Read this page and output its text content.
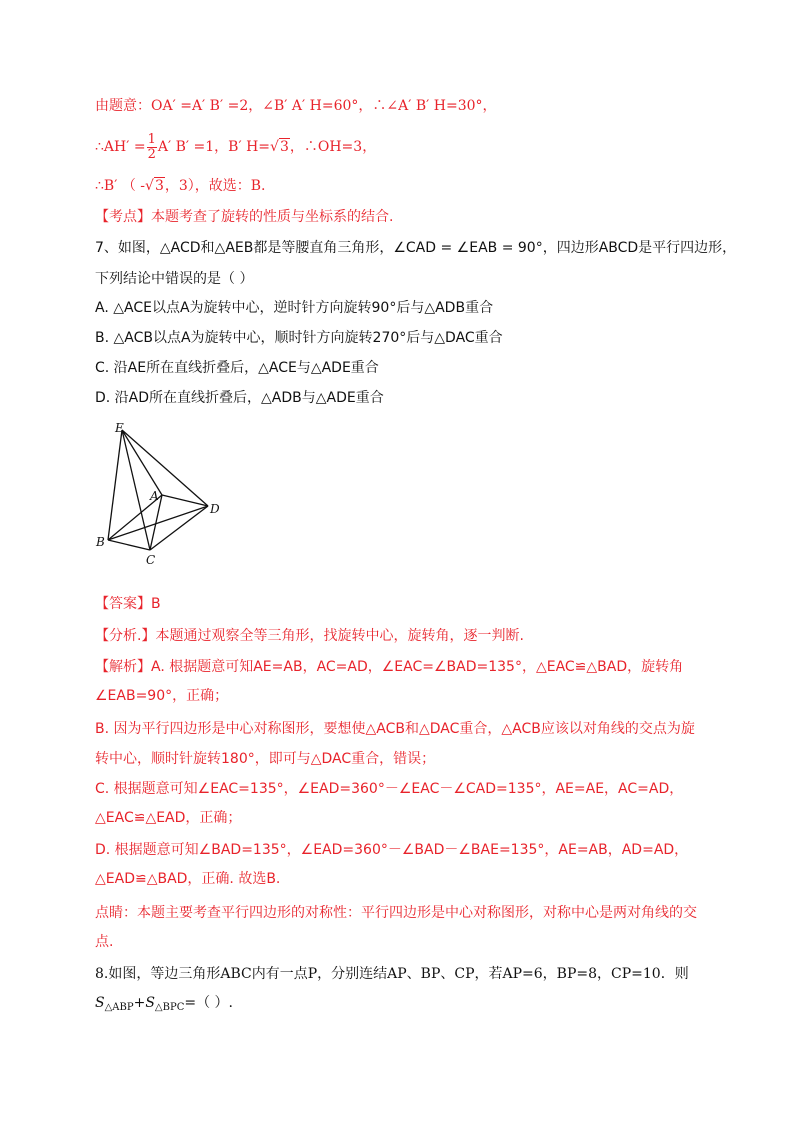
由题意：OA′ =A′ B′ =2，∠B′ A′ H=60°，∴∠A′ B′ H=30°，
∴AH′ = $\frac{1}{2} A'$ B′ =1，B′ H=√3，∴OH=3，
∴B′ （ -√3，3），故选：B.
【考点】本题考查了旋转的性质与坐标系的结合.
7、如图，△ACD和△AEB都是等腰直角三角形，∠CAD = ∠EAB = 90°，四边形ABCD是平行四边形，
下列结论中错误的是（ ）
A. △ACE以点A为旋转中心，逆时针方向旋转90°后与△ADB重合
B. △ACB以点A为旋转中心，顺时针方向旋转270°后与△DAC重合
C. 沿AE所在直线折叠后，△ACE与△ADE重合
D. 沿AD所在直线折叠后，△ADB与△ADE重合
E
A
D
B
C
【答案】B
【分析.】本题通过观察全等三角形，找旋转中心，旋转角，逐一判断.
【解析】A. 根据题意可知AE=AB，AC=AD，∠EAC=∠BAD=135°，△EAC≌△BAD，旋转角
∠EAB=90°，正确；
B. 因为平行四边形是中心对称图形，要想使△ACB和△DAC重合，△ACB应该以对角线的交点为旋
转中心，顺时针旋转180°，即可与△DAC重合，错误；
C. 根据题意可知∠EAC=135°，∠EAD=360°－∠EAC－∠CAD=135°，AE=AE，AC=AD，
△EAC≌△EAD，正确；
D. 根据题意可知∠BAD=135°，∠EAD=360°－∠BAD－∠BAE=135°，AE=AB，AD=AD，
△EAD≌△BAD，正确. 故选B.
点睛：本题主要考查平行四边形的对称性：平行四边形是中心对称图形，对称中心是两对角线的交
点.
8.如图，等边三角形ABC内有一点P，分别连结AP、BP、CP，若AP=6，BP=8，CP=10．则
$S_{\triangle ABP}+S_{\triangle BPC}=$（ ）.
